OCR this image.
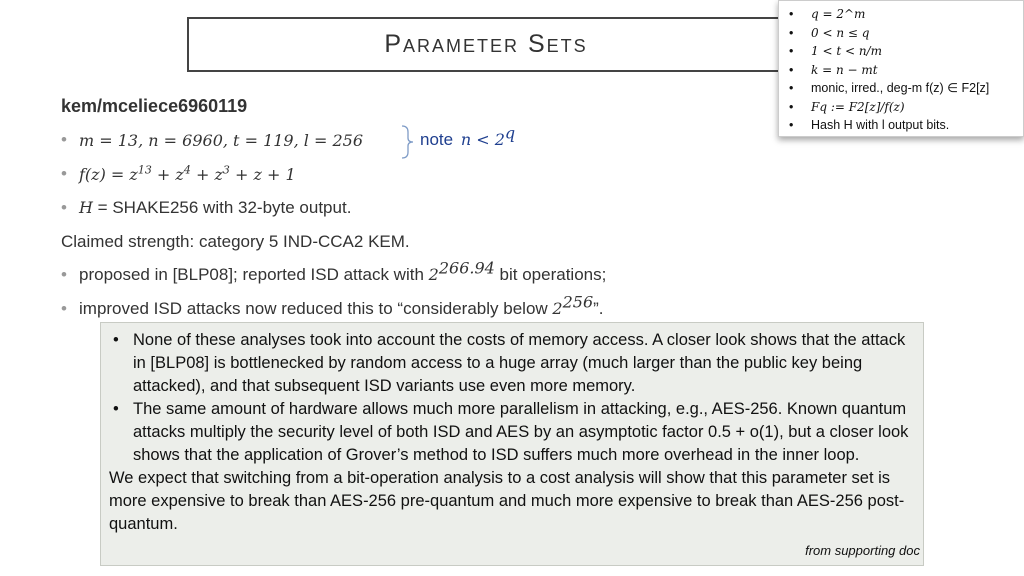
Parameter Sets
• q = 2^m
• 0 < n ≤ q
• 1 < t < n/m
• k = n − mt
• monic, irred., deg-m f(z) ∈ F2[z]
• Fq := F2[z]/f(z)
• Hash H with l output bits.
kem/mceliece6960119
• m = 13, n = 6960, t = 119, l = 256	note $n < 2^q$
• $f(z) = z^{13} + z^4 + z^3 + z + 1$
• H = SHAKE256 with 32-byte output.
Claimed strength: category 5 IND-CCA2 KEM.
• proposed in [BLP08]; reported ISD attack with $2^{266.94}$ bit operations;
• improved ISD attacks now reduced this to “considerably below $2^{256}$”.
• None of these analyses took into account the costs of memory access. A closer look shows that the attack in [BLP08] is bottlenecked by random access to a huge array (much larger than the public key being attacked), and that subsequent ISD variants use even more memory.
• The same amount of hardware allows much more parallelism in attacking, e.g., AES-256. Known quantum attacks multiply the security level of both ISD and AES by an asymptotic factor 0.5 + o(1), but a closer look shows that the application of Grover’s method to ISD suffers much more overhead in the inner loop.

We expect that switching from a bit-operation analysis to a cost analysis will show that this parameter set is more expensive to break than AES-256 pre-quantum and much more expensive to break than AES-256 post-quantum.

from supporting doc
